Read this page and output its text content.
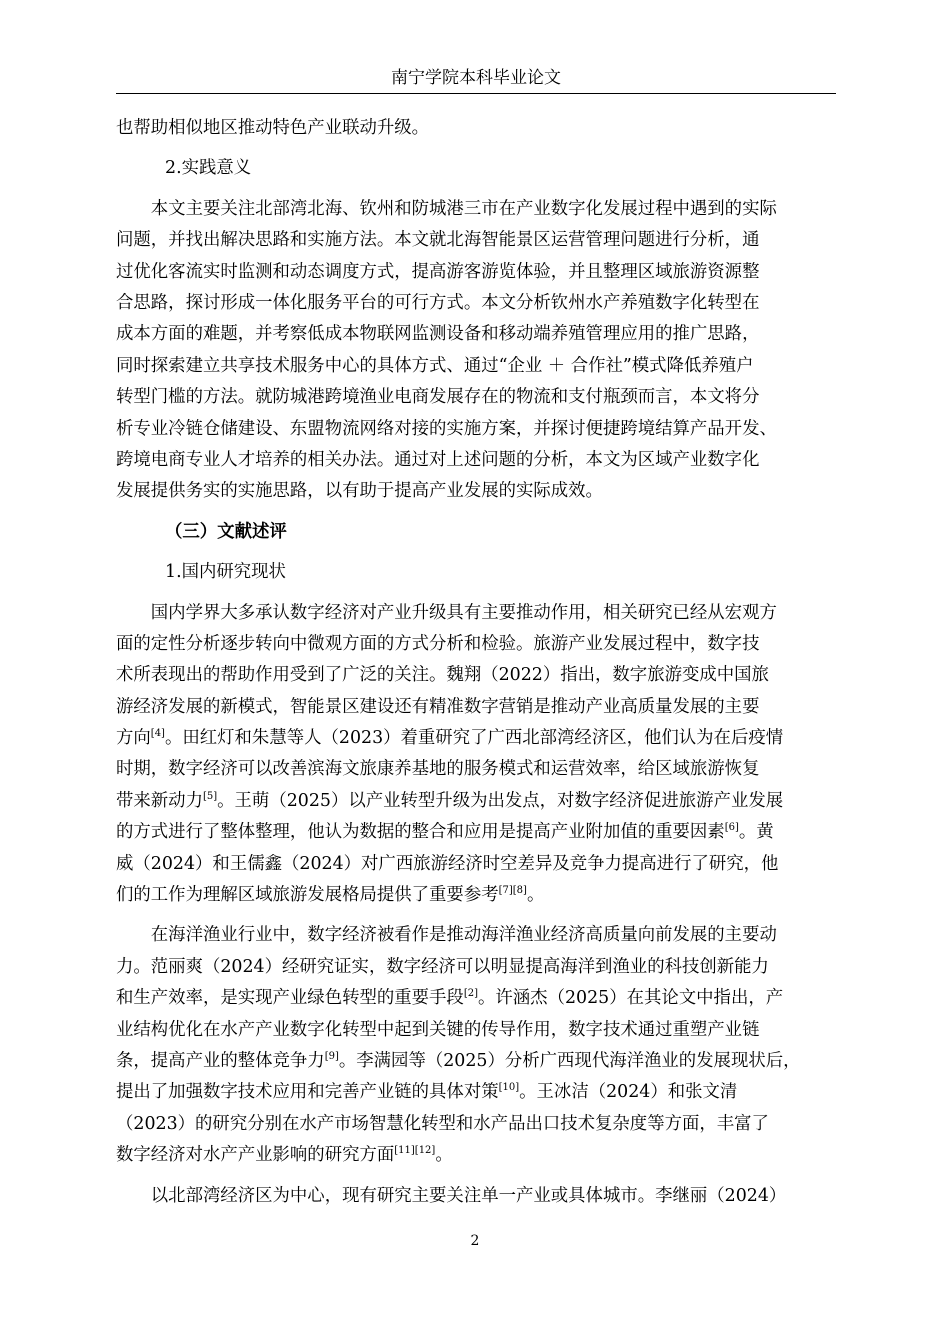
南宁学院本科毕业论文
也帮助相似地区推动特色产业联动升级。
2.实践意义
　　本文主要关注北部湾北海、钦州和防城港三市在产业数字化发展过程中遇到的实际
问题，并找出解决思路和实施方法。本文就北海智能景区运营管理问题进行分析，通
过优化客流实时监测和动态调度方式，提高游客游览体验，并且整理区域旅游资源整
合思路，探讨形成一体化服务平台的可行方式。本文分析钦州水产养殖数字化转型在
成本方面的难题，并考察低成本物联网监测设备和移动端养殖管理应用的推广思路，
同时探索建立共享技术服务中心的具体方式、通过“企业 ＋ 合作社”模式降低养殖户
转型门槛的方法。就防城港跨境渔业电商发展存在的物流和支付瓶颈而言，本文将分
析专业冷链仓储建设、东盟物流网络对接的实施方案，并探讨便捷跨境结算产品开发、
跨境电商专业人才培养的相关办法。通过对上述问题的分析，本文为区域产业数字化
发展提供务实的实施思路，以有助于提高产业发展的实际成效。
（三）文献述评
1.国内研究现状
　　国内学界大多承认数字经济对产业升级具有主要推动作用，相关研究已经从宏观方
面的定性分析逐步转向中微观方面的方式分析和检验。旅游产业发展过程中，数字技
术所表现出的帮助作用受到了广泛的关注。魏翔（2022）指出，数字旅游变成中国旅
游经济发展的新模式，智能景区建设还有精准数字营销是推动产业高质量发展的主要
方向[4]。田红灯和朱慧等人（2023）着重研究了广西北部湾经济区，他们认为在后疫情
时期，数字经济可以改善滨海文旅康养基地的服务模式和运营效率，给区域旅游恢复
带来新动力[5]。王萌（2025）以产业转型升级为出发点，对数字经济促进旅游产业发展
的方式进行了整体整理，他认为数据的整合和应用是提高产业附加值的重要因素[6]。黄
威（2024）和王儒鑫（2024）对广西旅游经济时空差异及竞争力提高进行了研究，他
们的工作为理解区域旅游发展格局提供了重要参考[7][8]。
　　在海洋渔业行业中，数字经济被看作是推动海洋渔业经济高质量向前发展的主要动
力。范丽爽（2024）经研究证实，数字经济可以明显提高海洋到渔业的科技创新能力
和生产效率，是实现产业绿色转型的重要手段[2]。许涵杰（2025）在其论文中指出，产
业结构优化在水产产业数字化转型中起到关键的传导作用，数字技术通过重塑产业链
条，提高产业的整体竞争力[9]。李满园等（2025）分析广西现代海洋渔业的发展现状后，
提出了加强数字技术应用和完善产业链的具体对策[10]。王冰洁（2024）和张文清
（2023）的研究分别在水产市场智慧化转型和水产品出口技术复杂度等方面，丰富了
数字经济对水产产业影响的研究方面[11][12]。
　　以北部湾经济区为中心，现有研究主要关注单一产业或具体城市。李继丽（2024）
2
